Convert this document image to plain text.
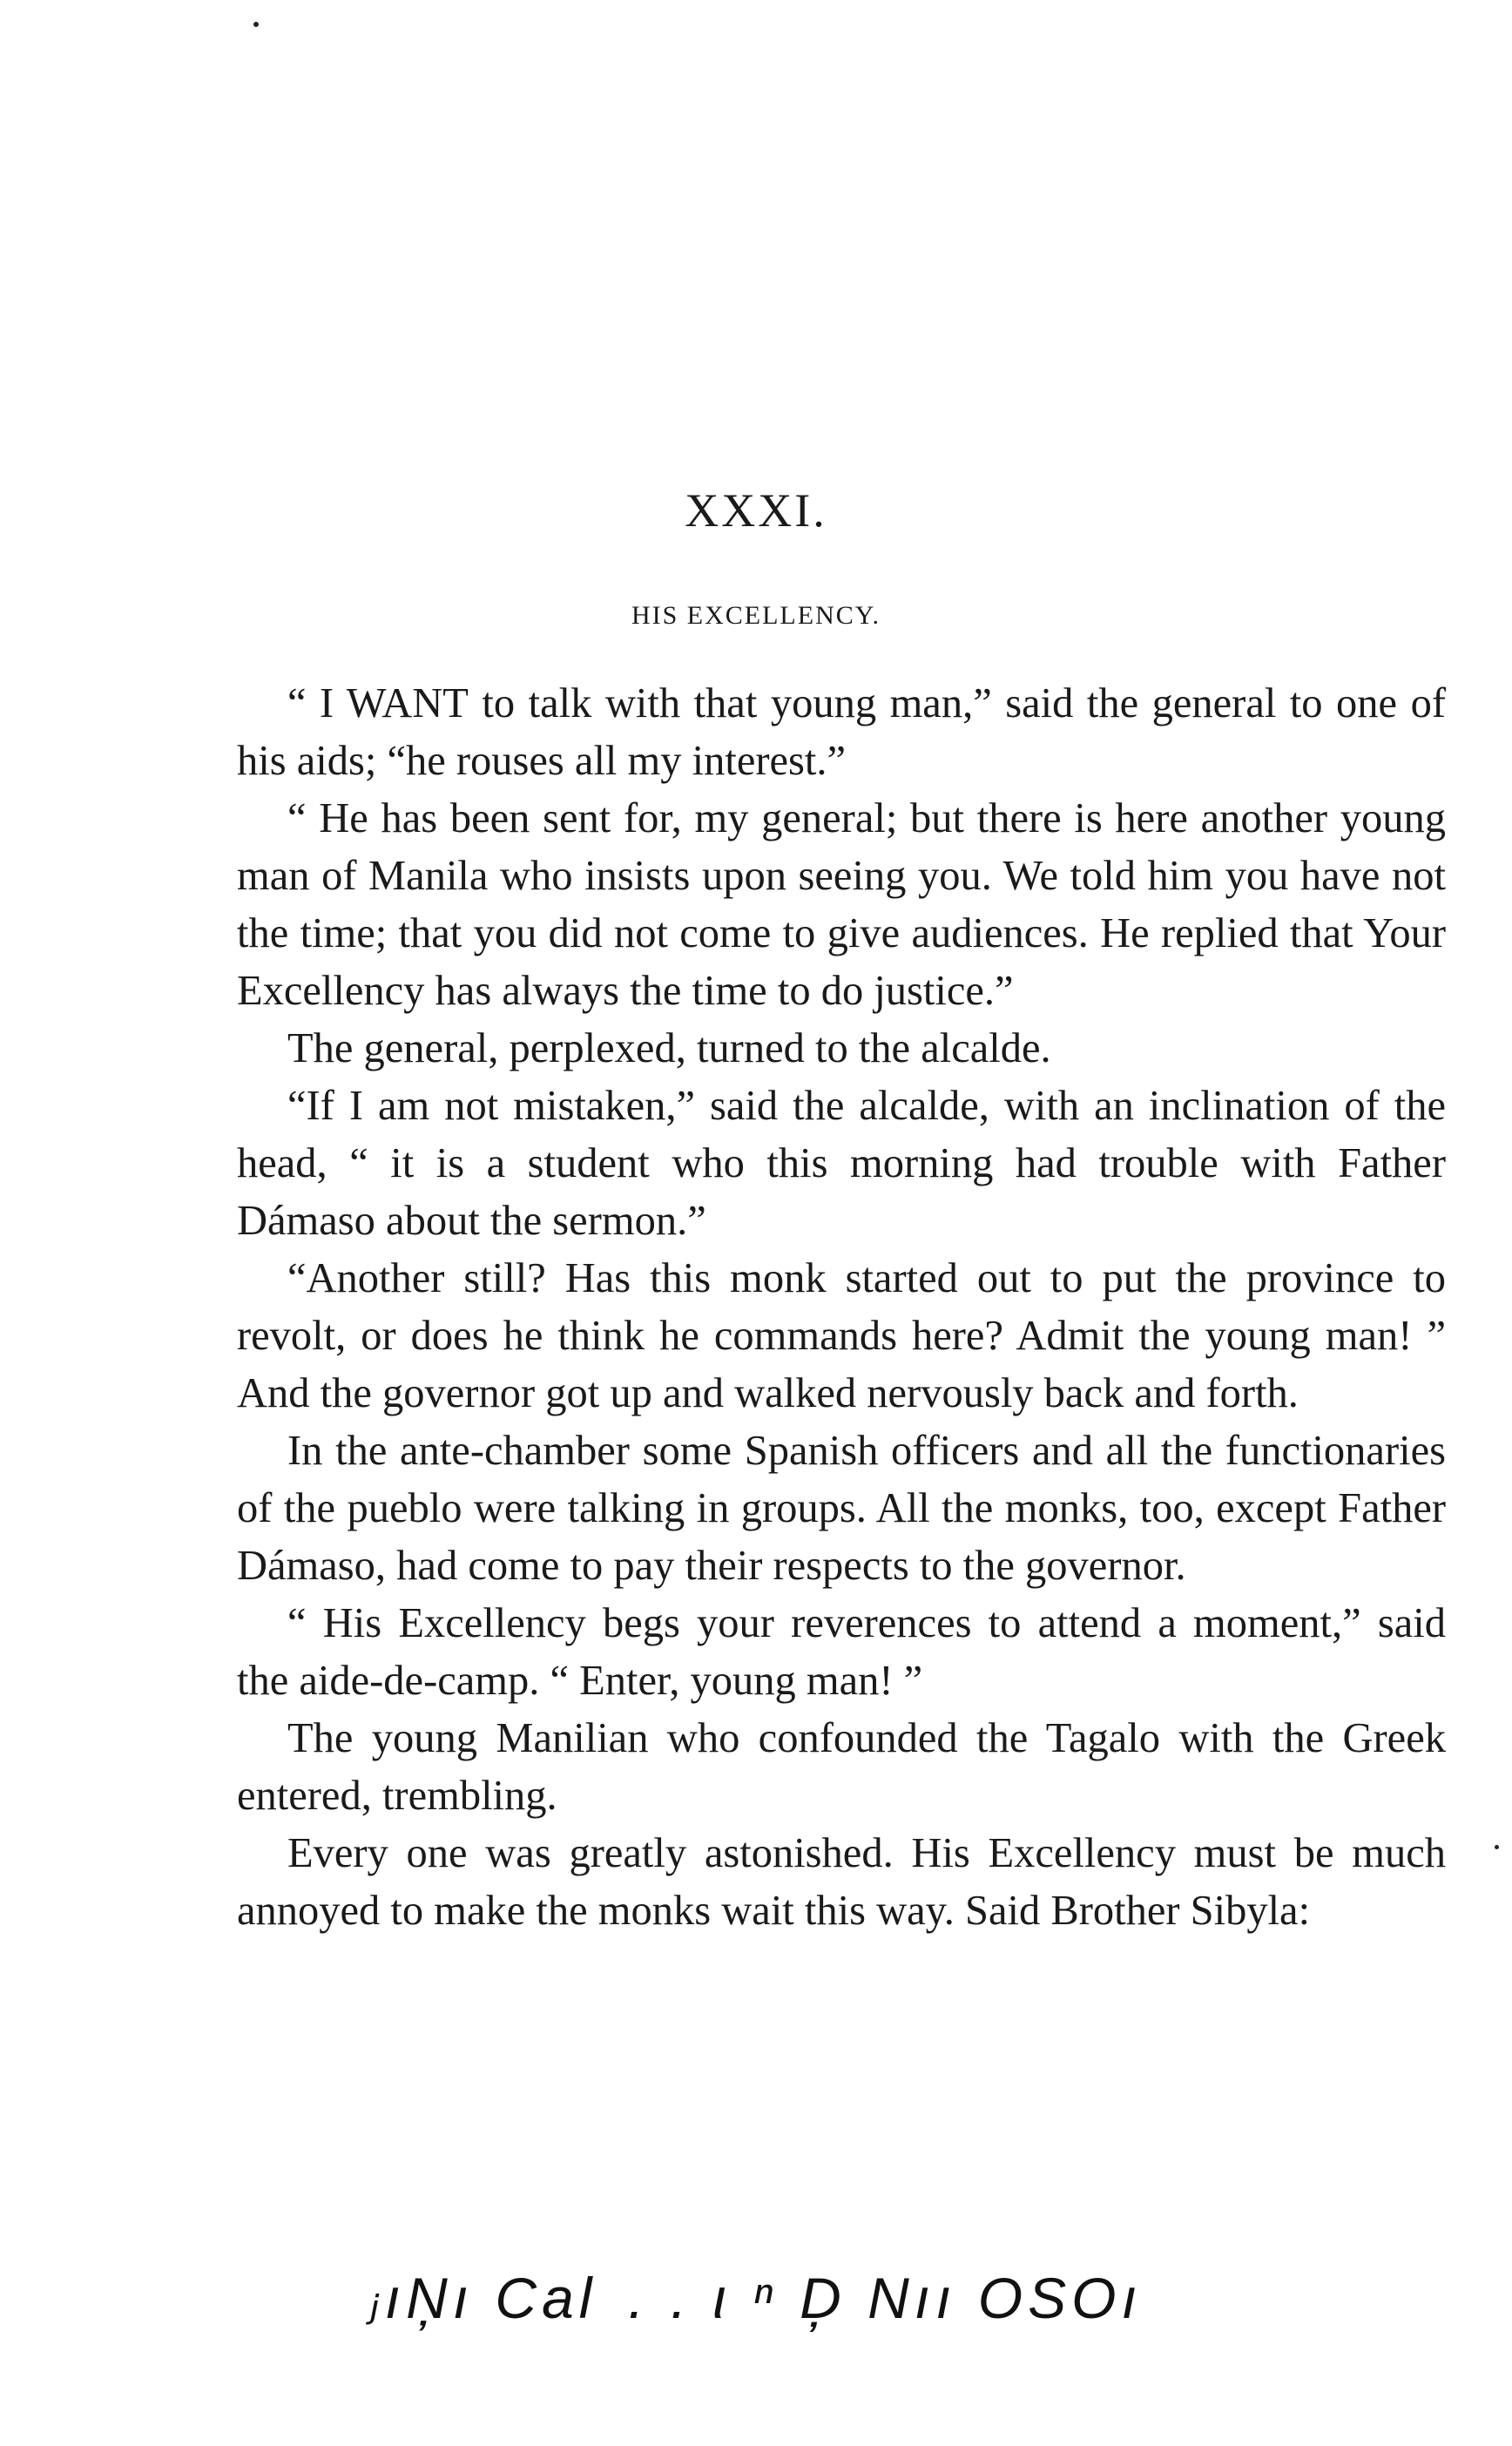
XXXI.
HIS EXCELLENCY.

“ I WANT to talk with that young man,” said the general to one of his aids; “he rouses all my interest.”

“ He has been sent for, my general; but there is here another young man of Manila who insists upon seeing you. We told him you have not the time; that you did not come to give audiences. He replied that Your Excellency has always the time to do justice.”

The general, perplexed, turned to the alcalde.

“If I am not mistaken,” said the alcalde, with an inclination of the head, “ it is a student who this morning had trouble with Father Dámaso about the sermon.”

“Another still? Has this monk started out to put the province to revolt, or does he think he commands here? Admit the young man! ” And the governor got up and walked nervously back and forth.

In the ante-chamber some Spanish officers and all the functionaries of the pueblo were talking in groups. All the monks, too, except Father Dámaso, had come to pay their respects to the governor.

“ His Excellency begs your reverences to attend a moment,” said the aide-de-camp. “ Enter, young man! ”

The young Manilian who confounded the Tagalo with the Greek entered, trembling.

Every one was greatly astonished. His Excellency must be much annoyed to make the monks wait this way. Said Brother Sibyla:

ⱼıŅı Cal  . . ι ⁿ D̦ Nıı OSOı
